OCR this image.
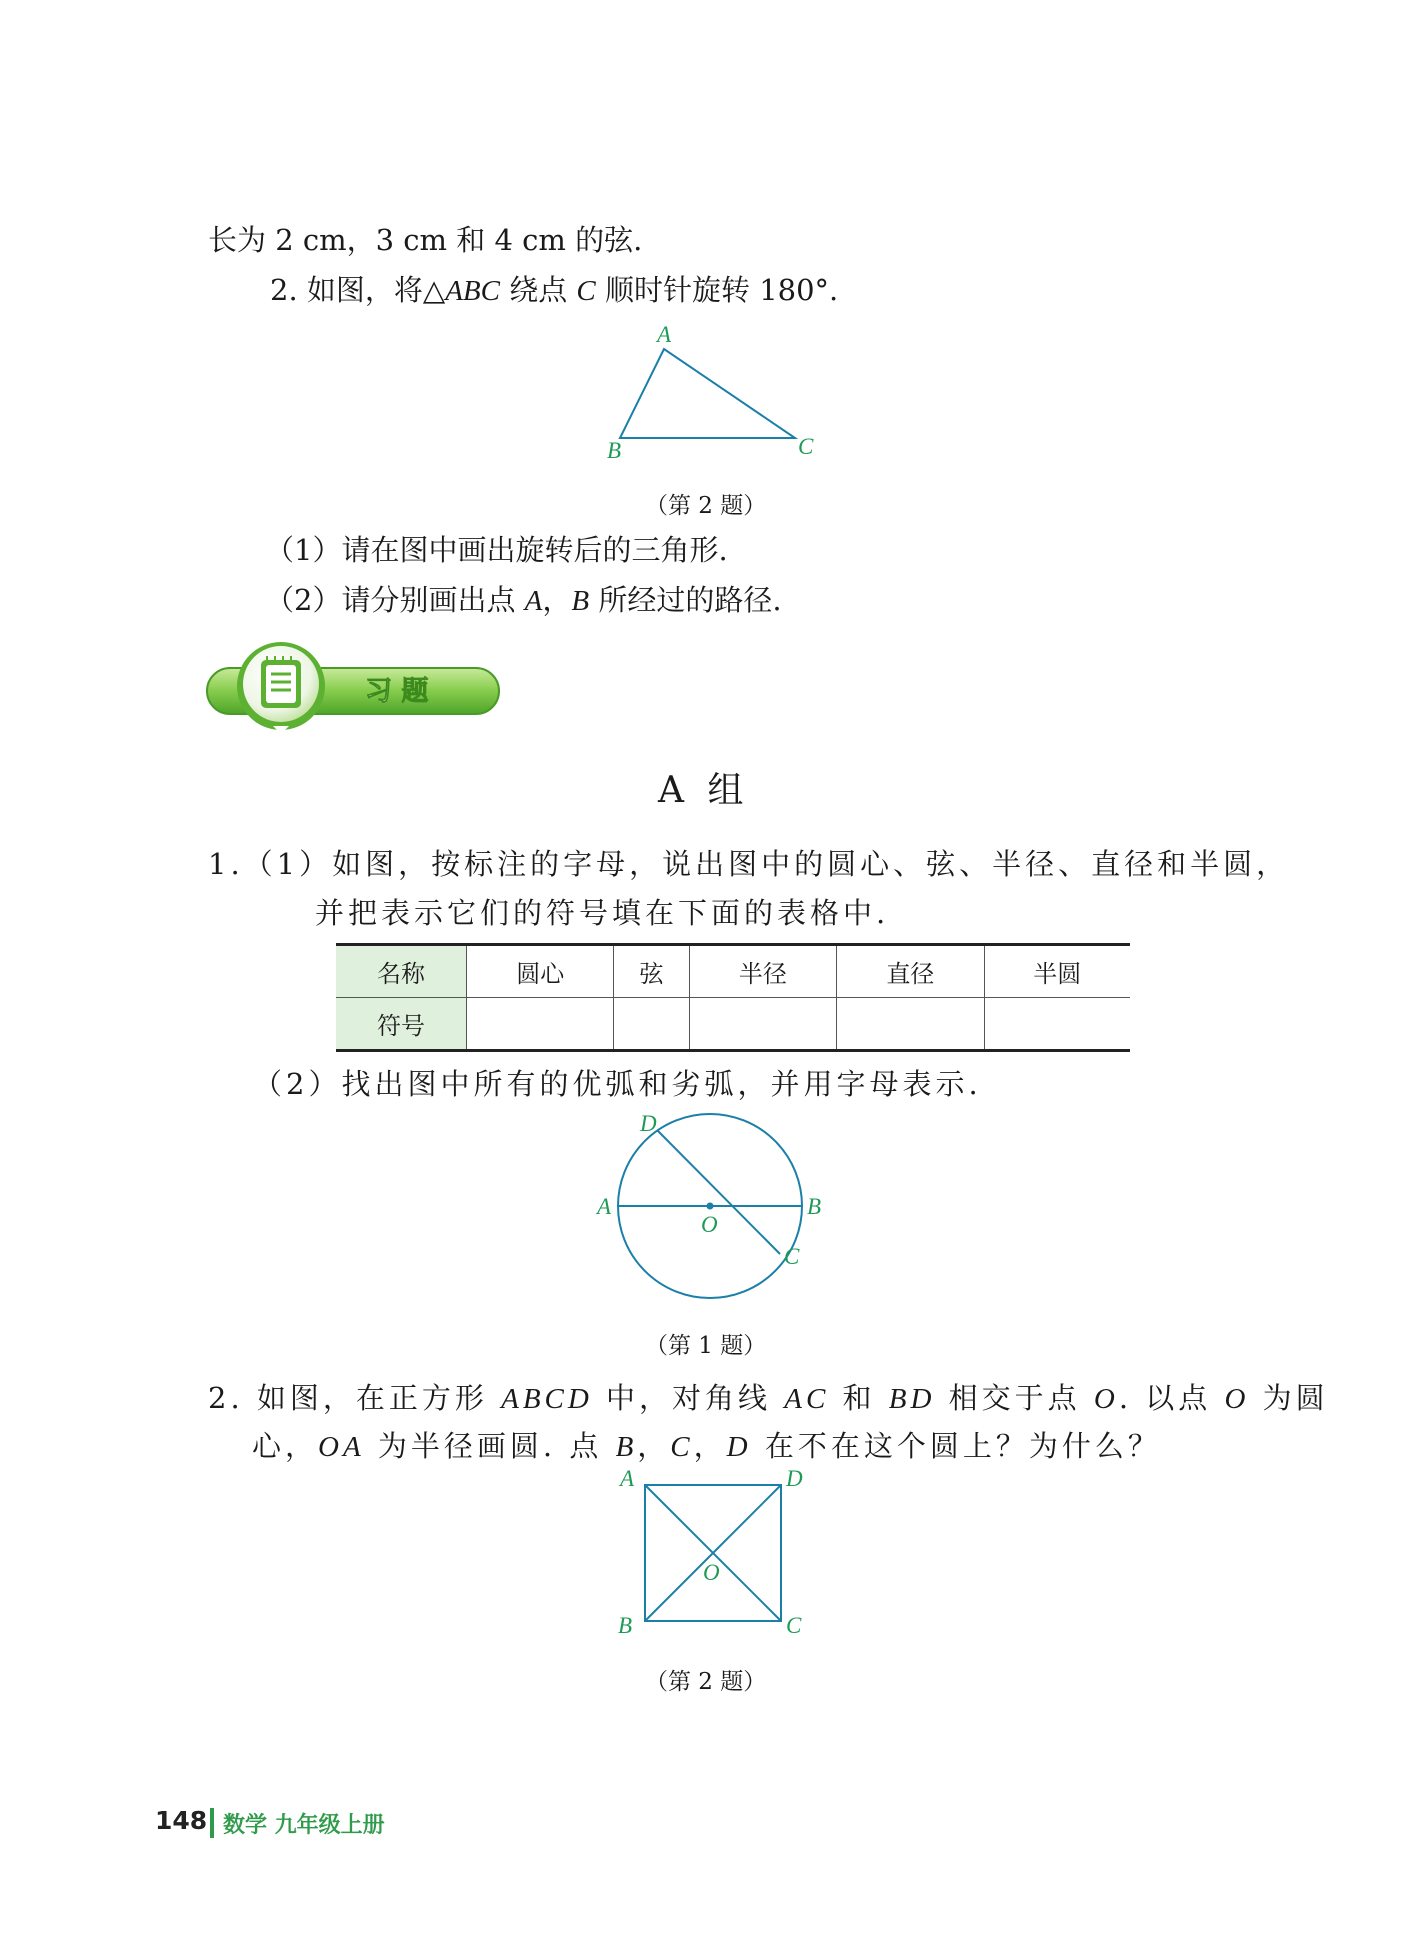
长为 2 cm，3 cm 和 4 cm 的弦.
2. 如图，将△ABC 绕点 C 顺时针旋转 180°.
A
B	C
（第 2 题）
（1）请在图中画出旋转后的三角形.
（2）请分别画出点 A，B 所经过的路径.
习 题
A 组
1.（1）如图，按标注的字母，说出图中的圆心、弦、半径、直径和半圆，
并把表示它们的符号填在下面的表格中.
名称	圆心	弦	半径	直径	半圆
符号					
（2）找出图中所有的优弧和劣弧，并用字母表示.
A	B
C
D
O
（第 1 题）
2. 如图，在正方形 ABCD 中，对角线 AC 和 BD 相交于点 O. 以点 O 为圆
心，OA 为半径画圆. 点 B，C，D 在不在这个圆上？为什么？
A	D
B	C
O
（第 2 题）
148 数学 九年级上册
